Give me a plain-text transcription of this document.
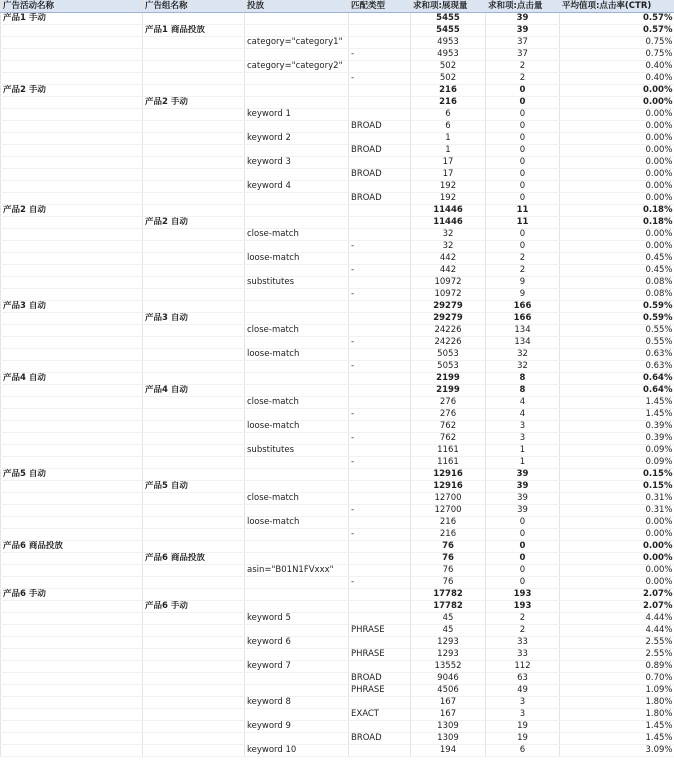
广告活动名称	广告组名称	投放	匹配类型	求和项:展现量	求和项:点击量	平均值项:点击率(CTR)
产品1 手动				5455	39	0.57%
	产品1 商品投放			5455	39	0.57%
		category="category1"		4953	37	0.75%
			-	4953	37	0.75%
		category="category2"		502	2	0.40%
			-	502	2	0.40%
产品2 手动				216	0	0.00%
	产品2 手动			216	0	0.00%
		keyword 1		6	0	0.00%
			BROAD	6	0	0.00%
		keyword 2		1	0	0.00%
			BROAD	1	0	0.00%
		keyword 3		17	0	0.00%
			BROAD	17	0	0.00%
		keyword 4		192	0	0.00%
			BROAD	192	0	0.00%
产品2 自动				11446	11	0.18%
	产品2 自动			11446	11	0.18%
		close-match		32	0	0.00%
			-	32	0	0.00%
		loose-match		442	2	0.45%
			-	442	2	0.45%
		substitutes		10972	9	0.08%
			-	10972	9	0.08%
产品3 自动				29279	166	0.59%
	产品3 自动			29279	166	0.59%
		close-match		24226	134	0.55%
			-	24226	134	0.55%
		loose-match		5053	32	0.63%
			-	5053	32	0.63%
产品4 自动				2199	8	0.64%
	产品4 自动			2199	8	0.64%
		close-match		276	4	1.45%
			-	276	4	1.45%
		loose-match		762	3	0.39%
			-	762	3	0.39%
		substitutes		1161	1	0.09%
			-	1161	1	0.09%
产品5 自动				12916	39	0.15%
	产品5 自动			12916	39	0.15%
		close-match		12700	39	0.31%
			-	12700	39	0.31%
		loose-match		216	0	0.00%
			-	216	0	0.00%
产品6 商品投放				76	0	0.00%
	产品6 商品投放			76	0	0.00%
		asin="B01N1FVxxx"		76	0	0.00%
			-	76	0	0.00%
产品6 手动				17782	193	2.07%
	产品6 手动			17782	193	2.07%
		keyword 5		45	2	4.44%
			PHRASE	45	2	4.44%
		keyword 6		1293	33	2.55%
			PHRASE	1293	33	2.55%
		keyword 7		13552	112	0.89%
			BROAD	9046	63	0.70%
			PHRASE	4506	49	1.09%
		keyword 8		167	3	1.80%
			EXACT	167	3	1.80%
		keyword 9		1309	19	1.45%
			BROAD	1309	19	1.45%
		keyword 10		194	6	3.09%
